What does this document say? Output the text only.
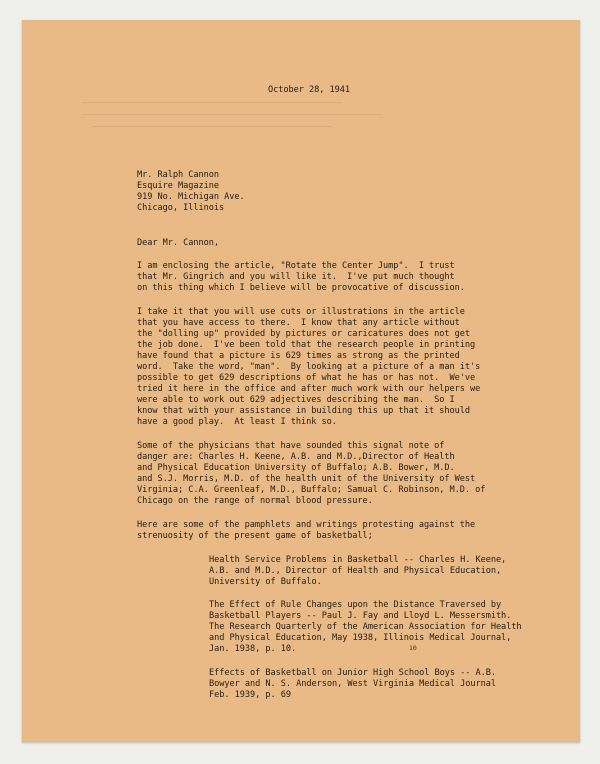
October 28, 1941
Mr. Ralph Cannon
Esquire Magazine
919 No. Michigan Ave.
Chicago, Illinois
Dear Mr. Cannon,
I am enclosing the article, "Rotate the Center Jump".  I trust
that Mr. Gingrich and you will like it.  I've put much thought
on this thing which I believe will be provocative of discussion.
I take it that you will use cuts or illustrations in the article
that you have access to there.  I know that any article without
the "dolling up" provided by pictures or caricatures does not get
the job done.  I've been told that the research people in printing
have found that a picture is 629 times as strong as the printed
word.  Take the word, "man".  By looking at a picture of a man it's
possible to get 629 descriptions of what he has or has not.  We've
tried it here in the office and after much work with our helpers we
were able to work out 629 adjectives describing the man.  So I
know that with your assistance in building this up that it should
have a good play.  At least I think so.
Some of the physicians that have sounded this signal note of
danger are: Charles H. Keene, A.B. and M.D.,Director of Health
and Physical Education University of Buffalo; A.B. Bower, M.D.
and S.J. Morris, M.D. of the health unit of the University of West
Virginia; C.A. Greenleaf, M.D., Buffalo; Samual C. Robinson, M.D. of
Chicago on the range of normal blood pressure.
Here are some of the pamphlets and writings protesting against the
strenuosity of the present game of basketball;
Health Service Problems in Basketball -- Charles H. Keene,
A.B. and M.D., Director of Health and Physical Education,
University of Buffalo.
The Effect of Rule Changes upon the Distance Traversed by
Basketball Players -- Paul J. Fay and Lloyd L. Messersmith.
The Research Quarterly of the American Association for Health
and Physical Education, May 1938, Illinois Medical Journal,
Jan. 1938, p. 10.
Effects of Basketball on Junior High School Boys -- A.B.
Bowyer and N. S. Anderson, West Virginia Medical Journal
Feb. 1939, p. 69
10
